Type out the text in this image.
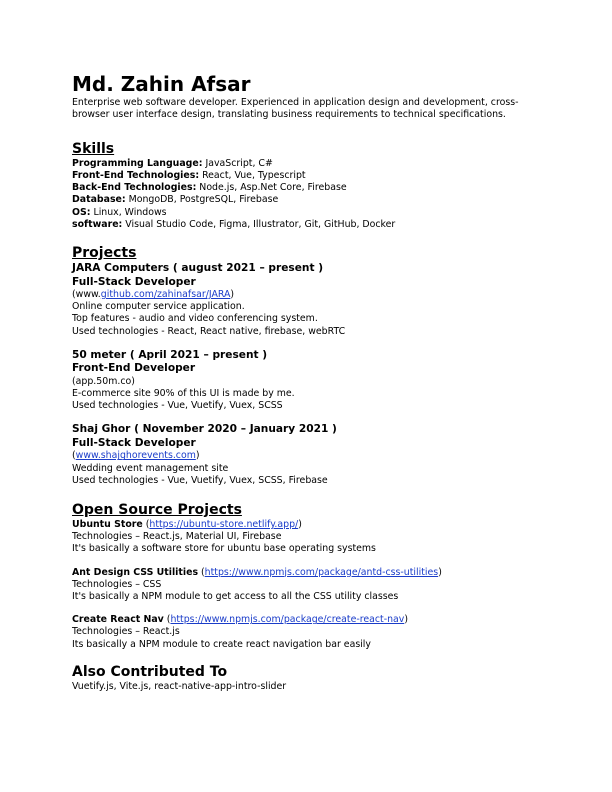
Md. Zahin Afsar

Enterprise web software developer. Experienced in application design and development, cross-browser user interface design, translating business requirements to technical specifications.

Skills

Programming Language: JavaScript, C#

Front-End Technologies: React, Vue, Typescript

Back-End Technologies: Node.js, Asp.Net Core, Firebase

Database: MongoDB, PostgreSQL, Firebase

OS: Linux, Windows

software: Visual Studio Code, Figma, Illustrator, Git, GitHub, Docker

Projects

JARA Computers ( august 2021 – present )

Full-Stack Developer

(www.github.com/zahinafsar/JARA)

Online computer service application.

Top features - audio and video conferencing system.

Used technologies - React, React native, firebase, webRTC

50 meter ( April 2021 – present )

Front-End Developer

(app.50m.co)

E-commerce site 90% of this UI is made by me.

Used technologies - Vue, Vuetify, Vuex, SCSS

Shaj Ghor ( November 2020 – January 2021 )

Full-Stack Developer

(www.shajghorevents.com)

Wedding event management site

Used technologies - Vue, Vuetify, Vuex, SCSS, Firebase

Open Source Projects

Ubuntu Store (https://ubuntu-store.netlify.app/)

Technologies – React.js, Material UI, Firebase

It's basically a software store for ubuntu base operating systems

Ant Design CSS Utilities (https://www.npmjs.com/package/antd-css-utilities)

Technologies – CSS

It's basically a NPM module to get access to all the CSS utility classes

Create React Nav (https://www.npmjs.com/package/create-react-nav)

Technologies – React.js

Its basically a NPM module to create react navigation bar easily

Also Contributed To

Vuetify.js, Vite.js, react-native-app-intro-slider
